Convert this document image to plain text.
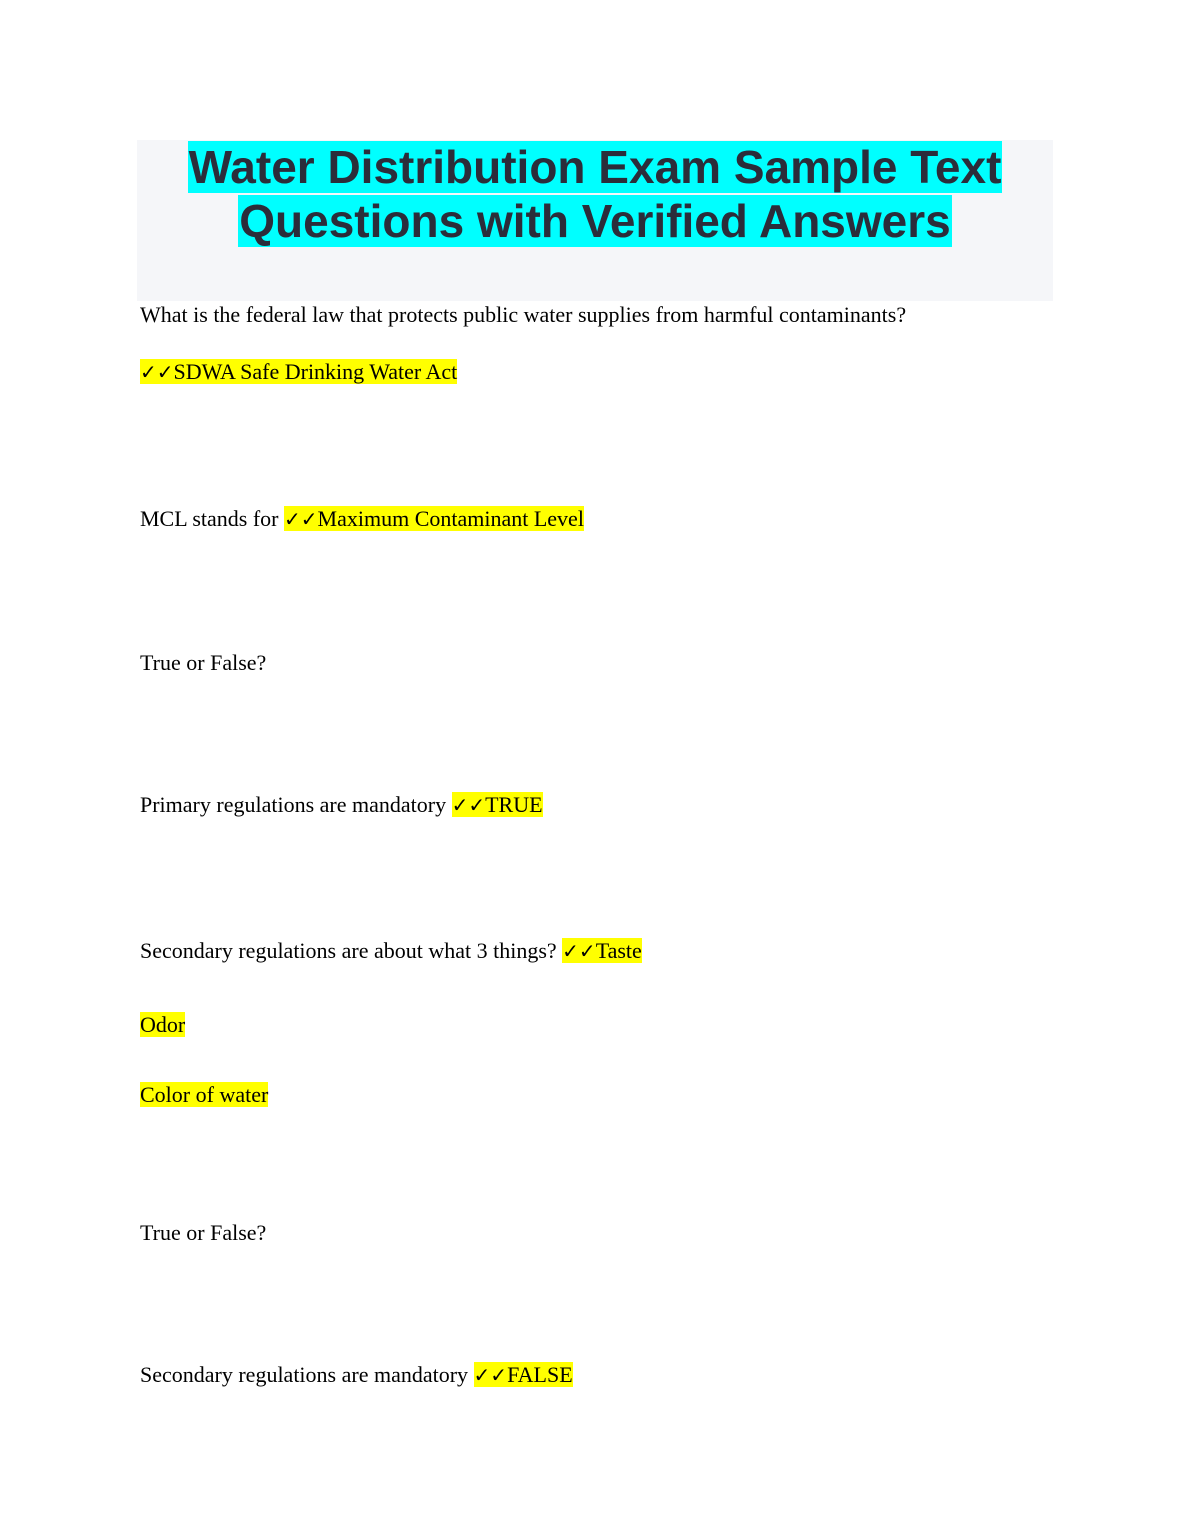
Water Distribution Exam Sample Text
Questions with Verified Answers
What is the federal law that protects public water supplies from harmful contaminants?
✓✓SDWA Safe Drinking Water Act
MCL stands for ✓✓Maximum Contaminant Level
True or False?
Primary regulations are mandatory ✓✓TRUE
Secondary regulations are about what 3 things? ✓✓Taste
Odor
Color of water
True or False?
Secondary regulations are mandatory ✓✓FALSE
